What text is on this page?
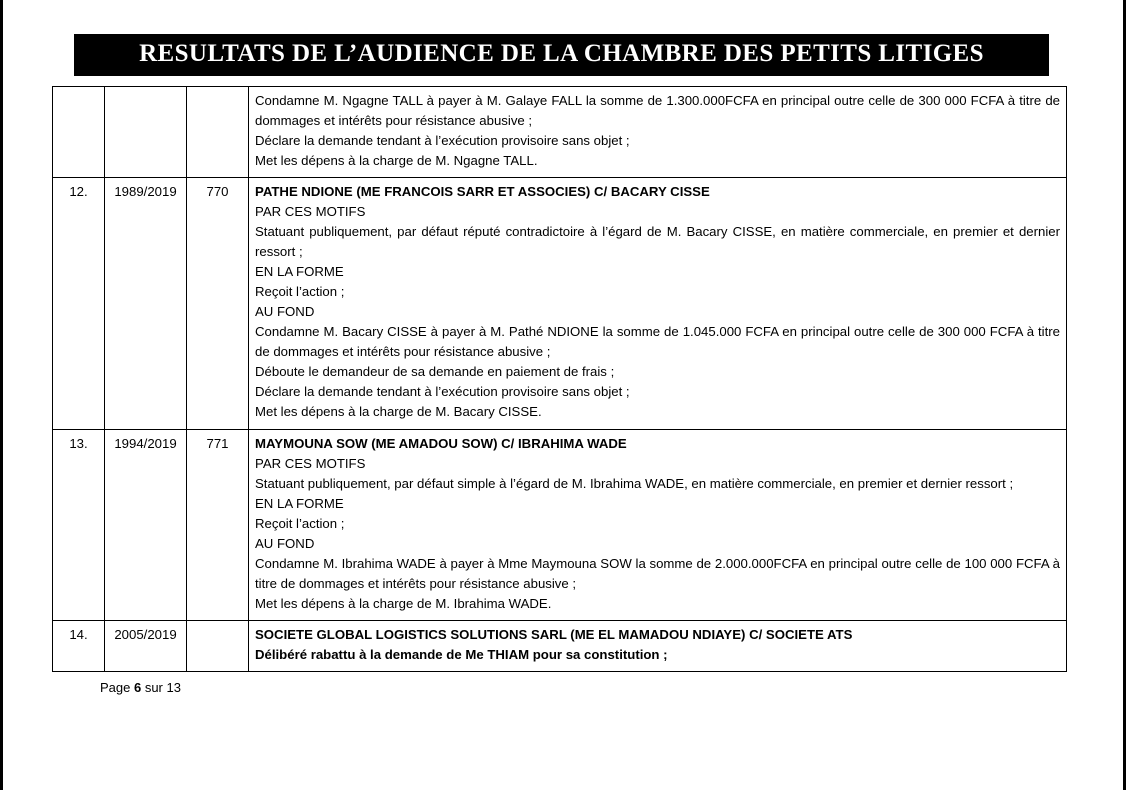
RESULTATS DE L’AUDIENCE DE LA CHAMBRE DES PETITS LITIGES

			Condamne M. Ngagne TALL à payer à M. Galaye FALL la somme de 1.300.000FCFA en principal outre celle de 300 000 FCFA à titre de dommages et intérêts pour résistance abusive ;

Déclare la demande tendant à l’exécution provisoire sans objet ;

Met les dépens à la charge de M. Ngagne TALL.

12.	1989/2019	770	PATHE NDIONE (ME FRANCOIS SARR ET ASSOCIES) C/ BACARY CISSE

PAR CES MOTIFS

Statuant publiquement, par défaut réputé contradictoire à l’égard de M. Bacary CISSE, en matière commerciale, en premier et dernier ressort ;

EN LA FORME

Reçoit l’action ;

AU FOND

Condamne M. Bacary CISSE à payer à M. Pathé NDIONE la somme de 1.045.000 FCFA en principal outre celle de 300 000 FCFA à titre de dommages et intérêts pour résistance abusive ;

Déboute le demandeur de sa demande en paiement de frais ;

Déclare la demande tendant à l’exécution provisoire sans objet ;

Met les dépens à la charge de M. Bacary CISSE.

13.	1994/2019	771	MAYMOUNA SOW (ME AMADOU SOW) C/ IBRAHIMA WADE

PAR CES MOTIFS

Statuant publiquement, par défaut simple à l’égard de M. Ibrahima WADE, en matière commerciale, en premier et dernier ressort ;

EN LA FORME

Reçoit l’action ;

AU FOND

Condamne M. Ibrahima WADE à payer à Mme Maymouna SOW la somme de 2.000.000FCFA en principal outre celle de 100 000 FCFA à titre de dommages et intérêts pour résistance abusive ;

Met les dépens à la charge de M. Ibrahima WADE.

14.	2005/2019		SOCIETE GLOBAL LOGISTICS SOLUTIONS SARL (ME EL MAMADOU NDIAYE) C/ SOCIETE ATS

Délibéré rabattu à la demande de Me THIAM pour sa constitution ;

Page 6 sur 13
